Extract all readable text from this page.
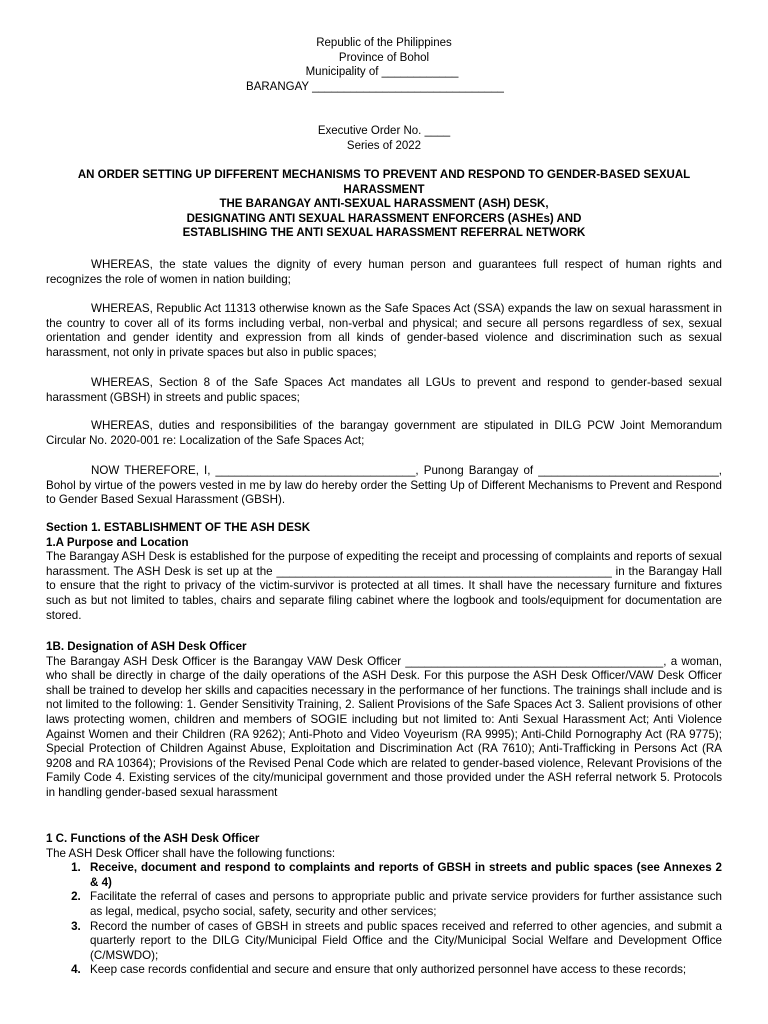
Republic of the Philippines
Province of Bohol
Municipality of ____________
BARANGAY ______________________________
Executive Order No. ____
Series of 2022
AN ORDER SETTING UP DIFFERENT MECHANISMS TO PREVENT AND RESPOND TO GENDER-BASED SEXUAL
HARASSMENT
THE BARANGAY ANTI-SEXUAL HARASSMENT (ASH) DESK,
DESIGNATING ANTI SEXUAL HARASSMENT ENFORCERS (ASHEs) AND
ESTABLISHING THE ANTI SEXUAL HARASSMENT REFERRAL NETWORK

WHEREAS, the state values the dignity of every human person and guarantees full respect of human rights and recognizes the role of women in nation building;

WHEREAS, Republic Act 11313 otherwise known as the Safe Spaces Act (SSA) expands the law on sexual harassment in the country to cover all of its forms including verbal, non-verbal and physical; and secure all persons regardless of sex, sexual orientation and gender identity and expression from all kinds of gender-based violence and discrimination such as sexual harassment, not only in private spaces but also in public spaces;

WHEREAS, Section 8 of the Safe Spaces Act mandates all LGUs to prevent and respond to gender-based sexual harassment (GBSH) in streets and public spaces;

WHEREAS, duties and responsibilities of the barangay government are stipulated in DILG PCW Joint Memorandum Circular No. 2020-001 re: Localization of the Safe Spaces Act;

NOW THEREFORE, I, _______________________________, Punong Barangay of ____________________________, Bohol by virtue of the powers vested in me by law do hereby order the Setting Up of Different Mechanisms to Prevent and Respond to Gender Based Sexual Harassment (GBSH).

Section 1. ESTABLISHMENT OF THE ASH DESK
1.A Purpose and Location

The Barangay ASH Desk is established for the purpose of expediting the receipt and processing of complaints and reports of sexual harassment. The ASH Desk is set up at the ____________________________________________________ in the Barangay Hall to ensure that the right to privacy of the victim-survivor is protected at all times. It shall have the necessary furniture and fixtures such as but not limited to tables, chairs and separate filing cabinet where the logbook and tools/equipment for documentation are stored.

1B. Designation of ASH Desk Officer

The Barangay ASH Desk Officer is the Barangay VAW Desk Officer ________________________________________, a woman, who shall be directly in charge of the daily operations of the ASH Desk. For this purpose the ASH Desk Officer/VAW Desk Officer shall be trained to develop her skills and capacities necessary in the performance of her functions. The trainings shall include and is not limited to the following: 1. Gender Sensitivity Training, 2. Salient Provisions of the Safe Spaces Act 3. Salient provisions of other laws protecting women, children and members of SOGIE including but not limited to: Anti Sexual Harassment Act; Anti Violence Against Women and their Children (RA 9262); Anti-Photo and Video Voyeurism (RA 9995); Anti-Child Pornography Act (RA 9775); Special Protection of Children Against Abuse, Exploitation and Discrimination Act (RA 7610); Anti-Trafficking in Persons Act (RA 9208 and RA 10364); Provisions of the Revised Penal Code which are related to gender-based violence, Relevant Provisions of the Family Code 4. Existing services of the city/municipal government and those provided under the ASH referral network 5. Protocols in handling gender-based sexual harassment

1 C. Functions of the ASH Desk Officer
The ASH Desk Officer shall have the following functions:
1. Receive, document and respond to complaints and reports of GBSH in streets and public spaces (see Annexes 2 & 4)
2. Facilitate the referral of cases and persons to appropriate public and private service providers for further assistance such as legal, medical, psycho social, safety, security and other services;
3. Record the number of cases of GBSH in streets and public spaces received and referred to other agencies, and submit a quarterly report to the DILG City/Municipal Field Office and the City/Municipal Social Welfare and Development Office (C/MSWDO);
4. Keep case records confidential and secure and ensure that only authorized personnel have access to these records;
